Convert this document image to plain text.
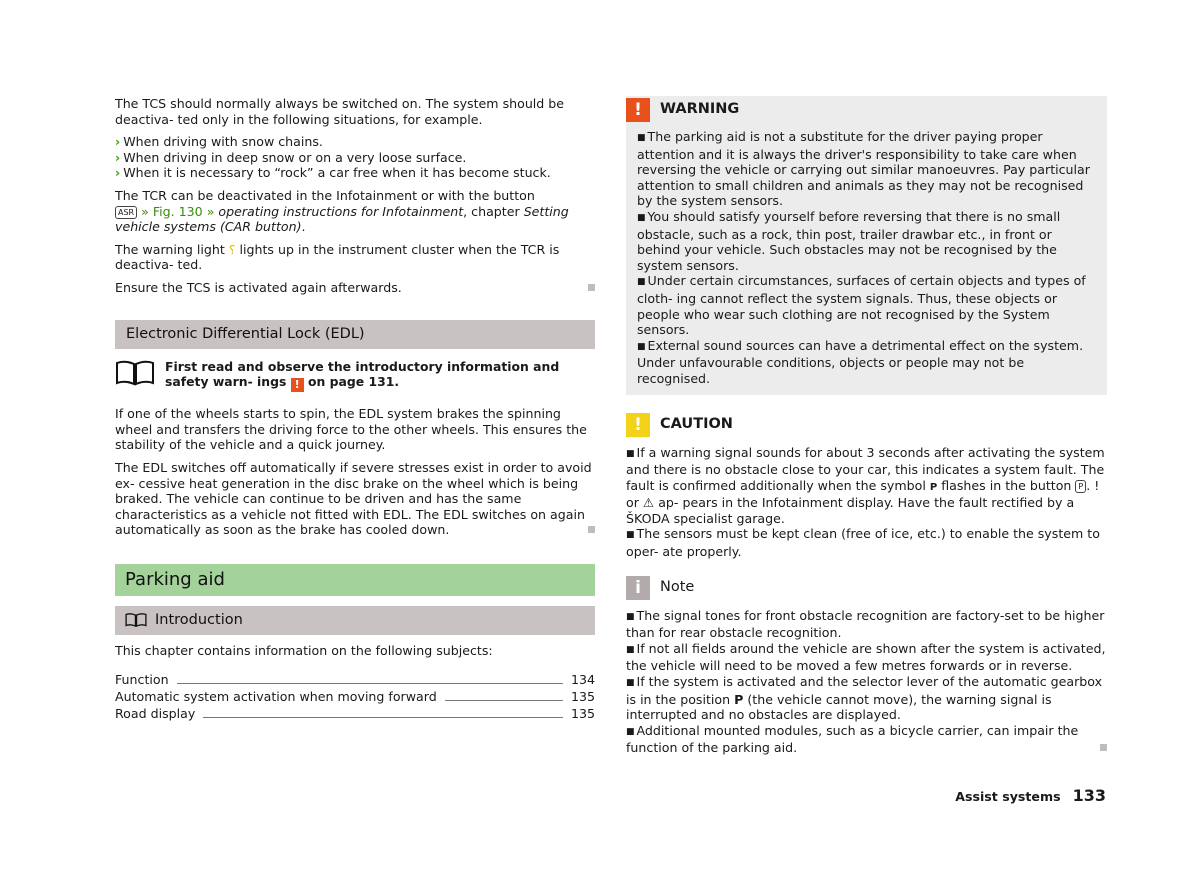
The TCS should normally always be switched on. The system should be deactiva- ted only in the following situations, for example.

› When driving with snow chains.
› When driving in deep snow or on a very loose surface.
› When it is necessary to “rock” a car free when it has become stuck.

The TCR can be deactivated in the Infotainment or with the button
ASR » Fig. 130 » operating instructions for Infotainment, chapter Setting vehicle systems (CAR button).

The warning light ⸮ lights up in the instrument cluster when the TCR is deactiva- ted.

Ensure the TCS is activated again afterwards.

Electronic Differential Lock (EDL)
First read and observe the introductory information and safety warn- ings ! on page 131.

If one of the wheels starts to spin, the EDL system brakes the spinning wheel and transfers the driving force to the other wheels. This ensures the stability of the vehicle and a quick journey.

The EDL switches off automatically if severe stresses exist in order to avoid ex- cessive heat generation in the disc brake on the wheel which is being braked. The vehicle can continue to be driven and has the same characteristics as a vehicle not fitted with EDL. The EDL switches on again automatically as soon as the brake has cooled down.

Parking aid
Introduction

This chapter contains information on the following subjects:

Function	134
Automatic system activation when moving forward	135
Road display	135
!	WARNING
■ The parking aid is not a substitute for the driver paying proper attention and it is always the driver's responsibility to take care when reversing the vehicle or carrying out similar manoeuvres. Pay particular attention to small children and animals as they may not be recognised by the system sensors.
■ You should satisfy yourself before reversing that there is no small obstacle, such as a rock, thin post, trailer drawbar etc., in front or behind your vehicle. Such obstacles may not be recognised by the system sensors.
■ Under certain circumstances, surfaces of certain objects and types of cloth- ing cannot reflect the system signals. Thus, these objects or people who wear such clothing are not recognised by the System sensors.
■ External sound sources can have a detrimental effect on the system. Under unfavourable conditions, objects or people may not be recognised.
!	CAUTION
■ If a warning signal sounds for about 3 seconds after activating the system and there is no obstacle close to your car, this indicates a system fault. The fault is confirmed additionally when the symbol P flashes in the button P . ! or ⚠ ap- pears in the Infotainment display. Have the fault rectified by a ŠKODA specialist garage.
■ The sensors must be kept clean (free of ice, etc.) to enable the system to oper- ate properly.
i	Note
■ The signal tones for front obstacle recognition are factory-set to be higher than for rear obstacle recognition.
■ If not all fields around the vehicle are shown after the system is activated, the vehicle will need to be moved a few metres forwards or in reverse.
■ If the system is activated and the selector lever of the automatic gearbox is in the position P (the vehicle cannot move), the warning signal is interrupted and no obstacles are displayed.
■ Additional mounted modules, such as a bicycle carrier, can impair the function of the parking aid.
Assist systems 133
